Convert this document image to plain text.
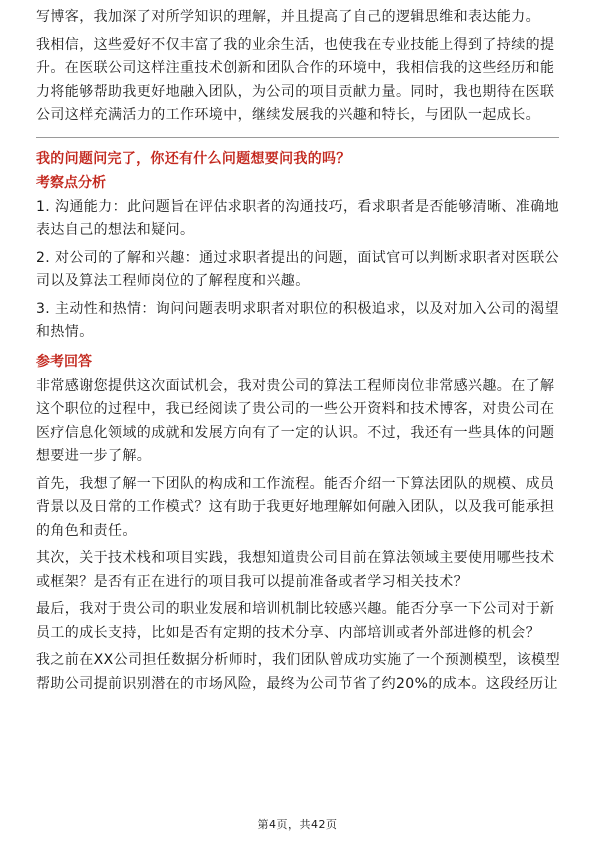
写博客，我加深了对所学知识的理解，并且提高了自己的逻辑思维和表达能力。
我相信，这些爱好不仅丰富了我的业余生活，也使我在专业技能上得到了持续的提
升。在医联公司这样注重技术创新和团队合作的环境中，我相信我的这些经历和能
力将能够帮助我更好地融入团队，为公司的项目贡献力量。同时，我也期待在医联
公司这样充满活力的工作环境中，继续发展我的兴趣和特长，与团队一起成长。
我的问题问完了，你还有什么问题想要问我的吗？
考察点分析
1. 沟通能力：此问题旨在评估求职者的沟通技巧，看求职者是否能够清晰、准确地
表达自己的想法和疑问。
2. 对公司的了解和兴趣：通过求职者提出的问题，面试官可以判断求职者对医联公
司以及算法工程师岗位的了解程度和兴趣。
3. 主动性和热情：询问问题表明求职者对职位的积极追求，以及对加入公司的渴望
和热情。
参考回答
非常感谢您提供这次面试机会，我对贵公司的算法工程师岗位非常感兴趣。在了解
这个职位的过程中，我已经阅读了贵公司的一些公开资料和技术博客，对贵公司在
医疗信息化领域的成就和发展方向有了一定的认识。不过，我还有一些具体的问题
想要进一步了解。
首先，我想了解一下团队的构成和工作流程。能否介绍一下算法团队的规模、成员
背景以及日常的工作模式？这有助于我更好地理解如何融入团队，以及我可能承担
的角色和责任。
其次，关于技术栈和项目实践，我想知道贵公司目前在算法领域主要使用哪些技术
或框架？是否有正在进行的项目我可以提前准备或者学习相关技术？
最后，我对于贵公司的职业发展和培训机制比较感兴趣。能否分享一下公司对于新
员工的成长支持，比如是否有定期的技术分享、内部培训或者外部进修的机会？
我之前在XX公司担任数据分析师时，我们团队曾成功实施了一个预测模型，该模型
帮助公司提前识别潜在的市场风险，最终为公司节省了约20%的成本。这段经历让
第4页，共42页
